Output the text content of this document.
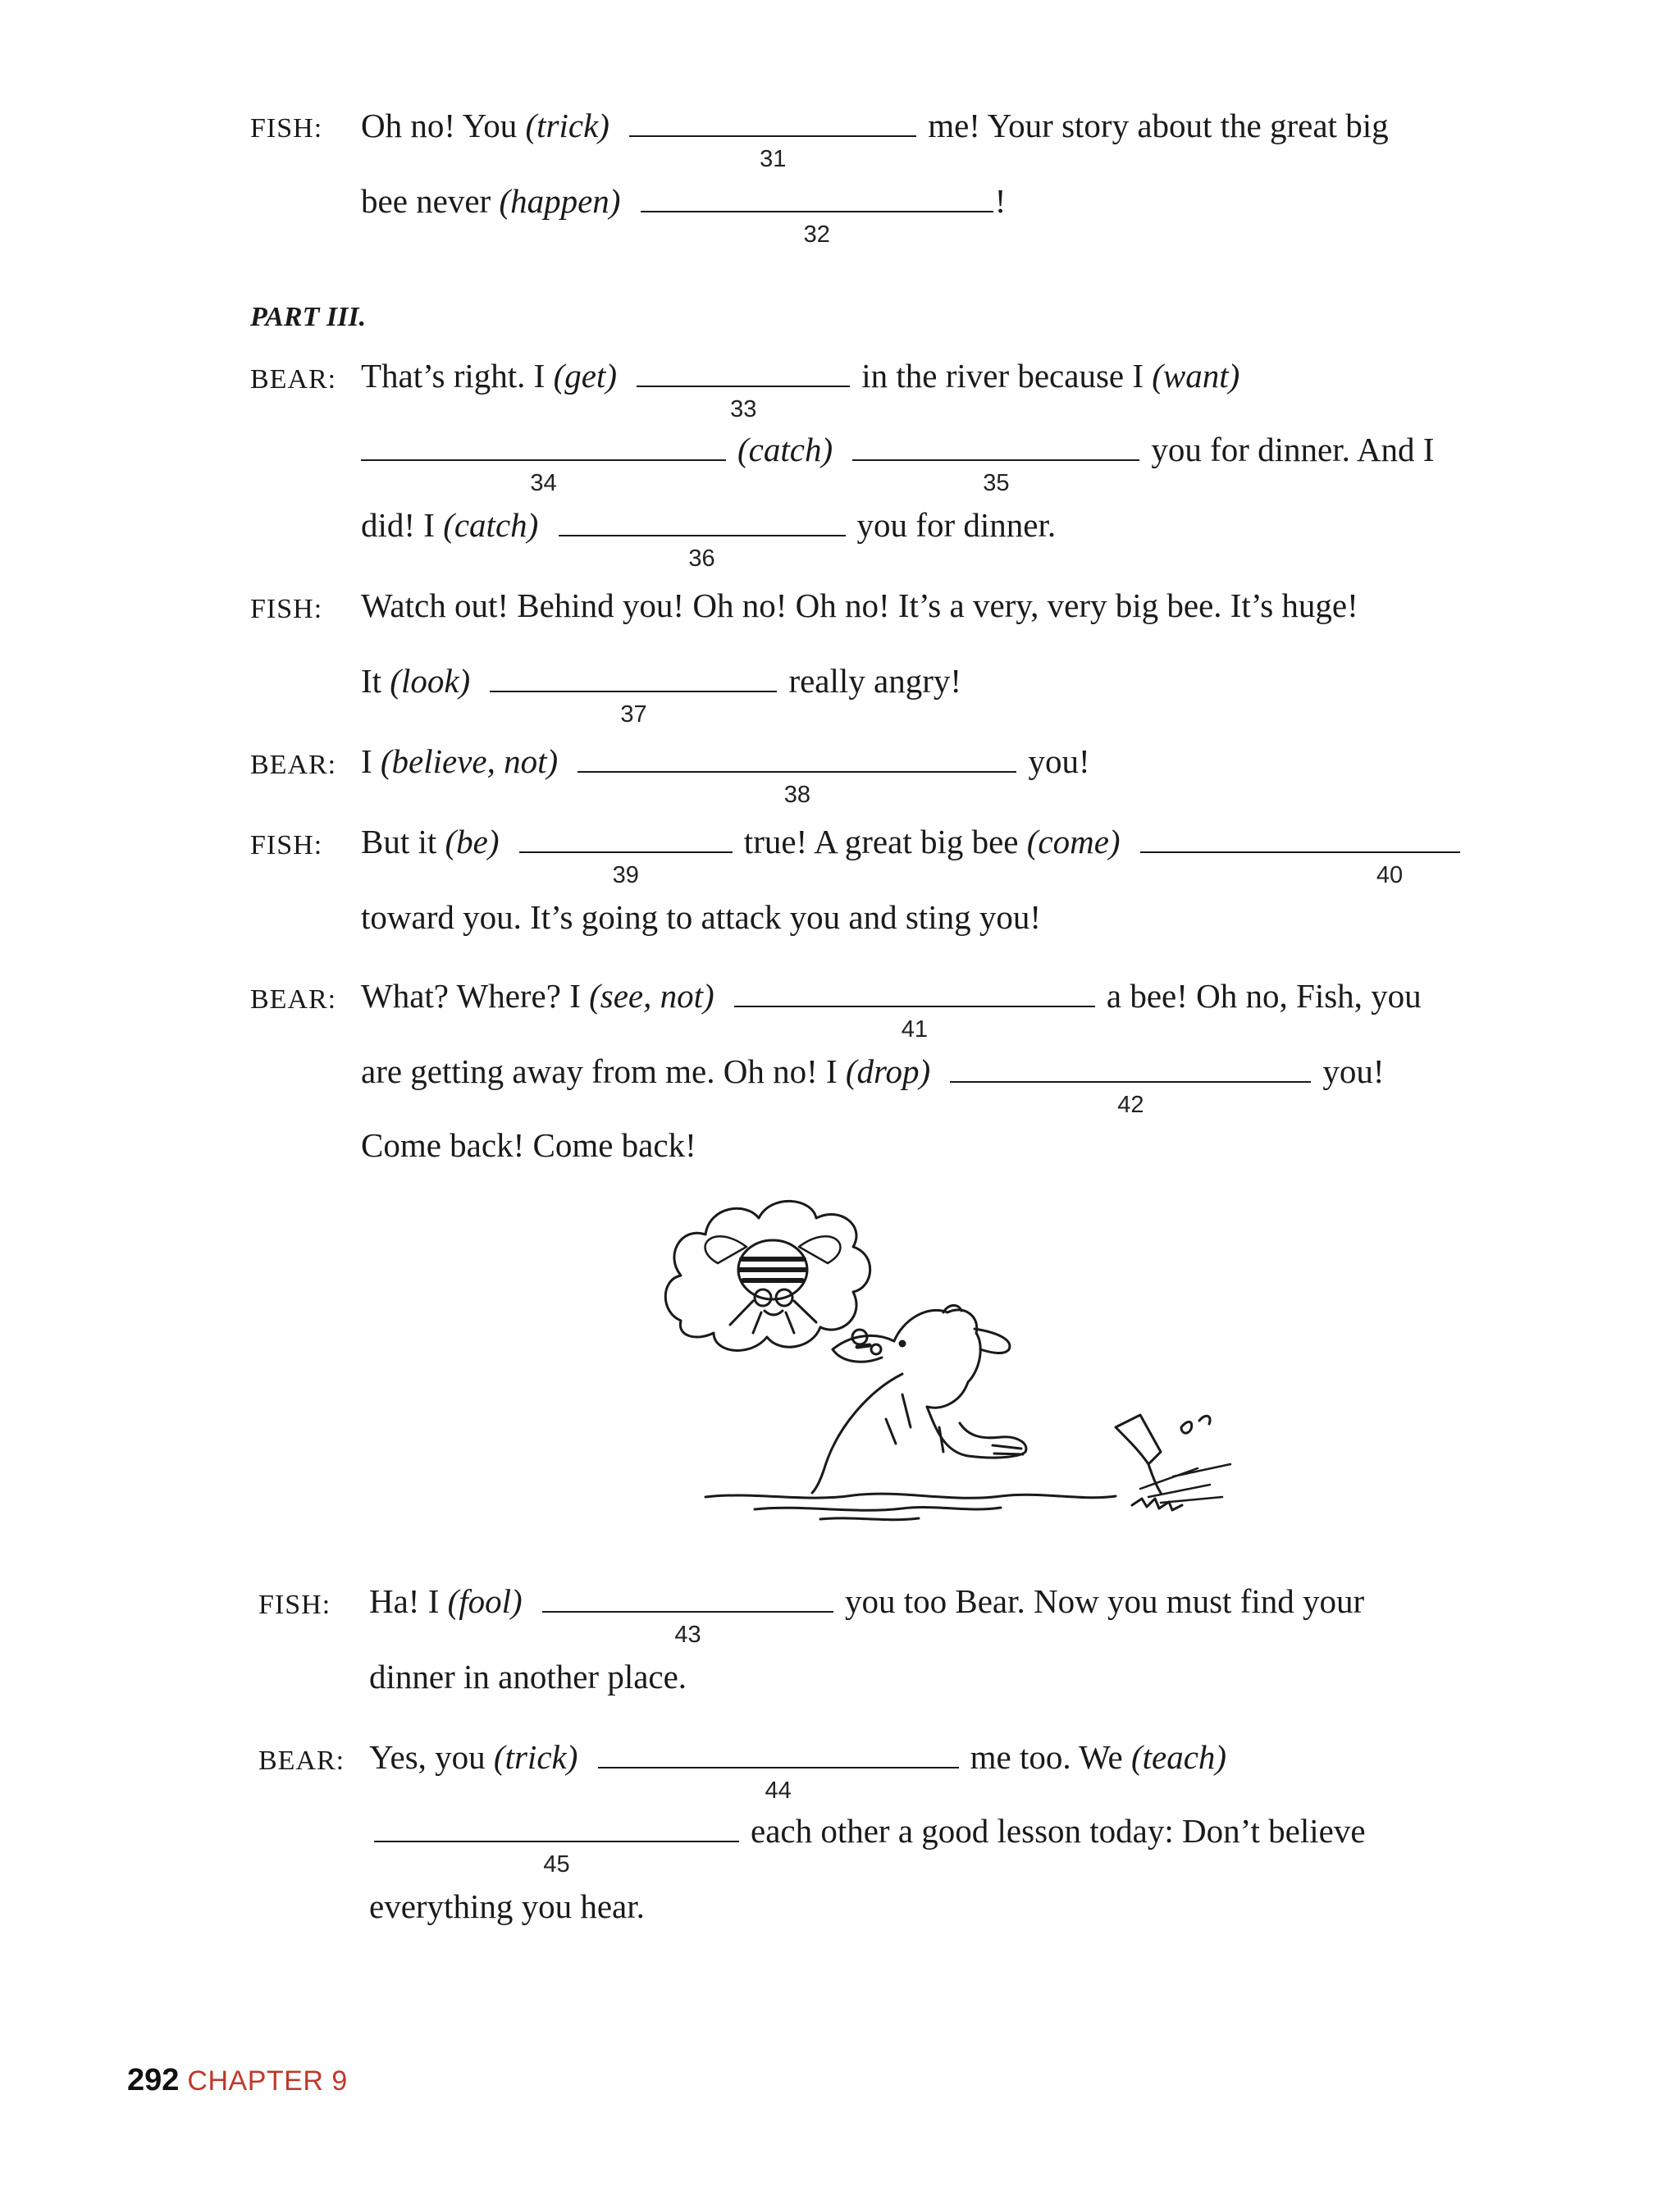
FISH:	Oh no! You (trick)
31
me! Your story about the great big
bee never (happen)
32
!
PART III.
BEAR: That’s right. I (get)
33
in the river because I (want)
34
(catch)
35
you for dinner. And I
did! I (catch)
36
you for dinner.
FISH:	Watch out! Behind you! Oh no! Oh no! It’s a very, very big bee. It’s huge!
It (look)
37
really angry!
BEAR: I (believe, not)
38
you!
FISH:	But it (be)
39
true! A great big bee (come)
40
toward you. It’s going to attack you and sting you!
BEAR: What? Where? I (see, not)
41
a bee! Oh no, Fish, you
are getting away from me. Oh no! I (drop)
42
you!
Come back! Come back!
FISH:	Ha! I (fool)
43
you too Bear. Now you must find your
dinner in another place.
BEAR: Yes, you (trick)
44
me too. We (teach)
45
each other a good lesson today: Don’t believe
everything you hear.
292 CHAPTER 9
